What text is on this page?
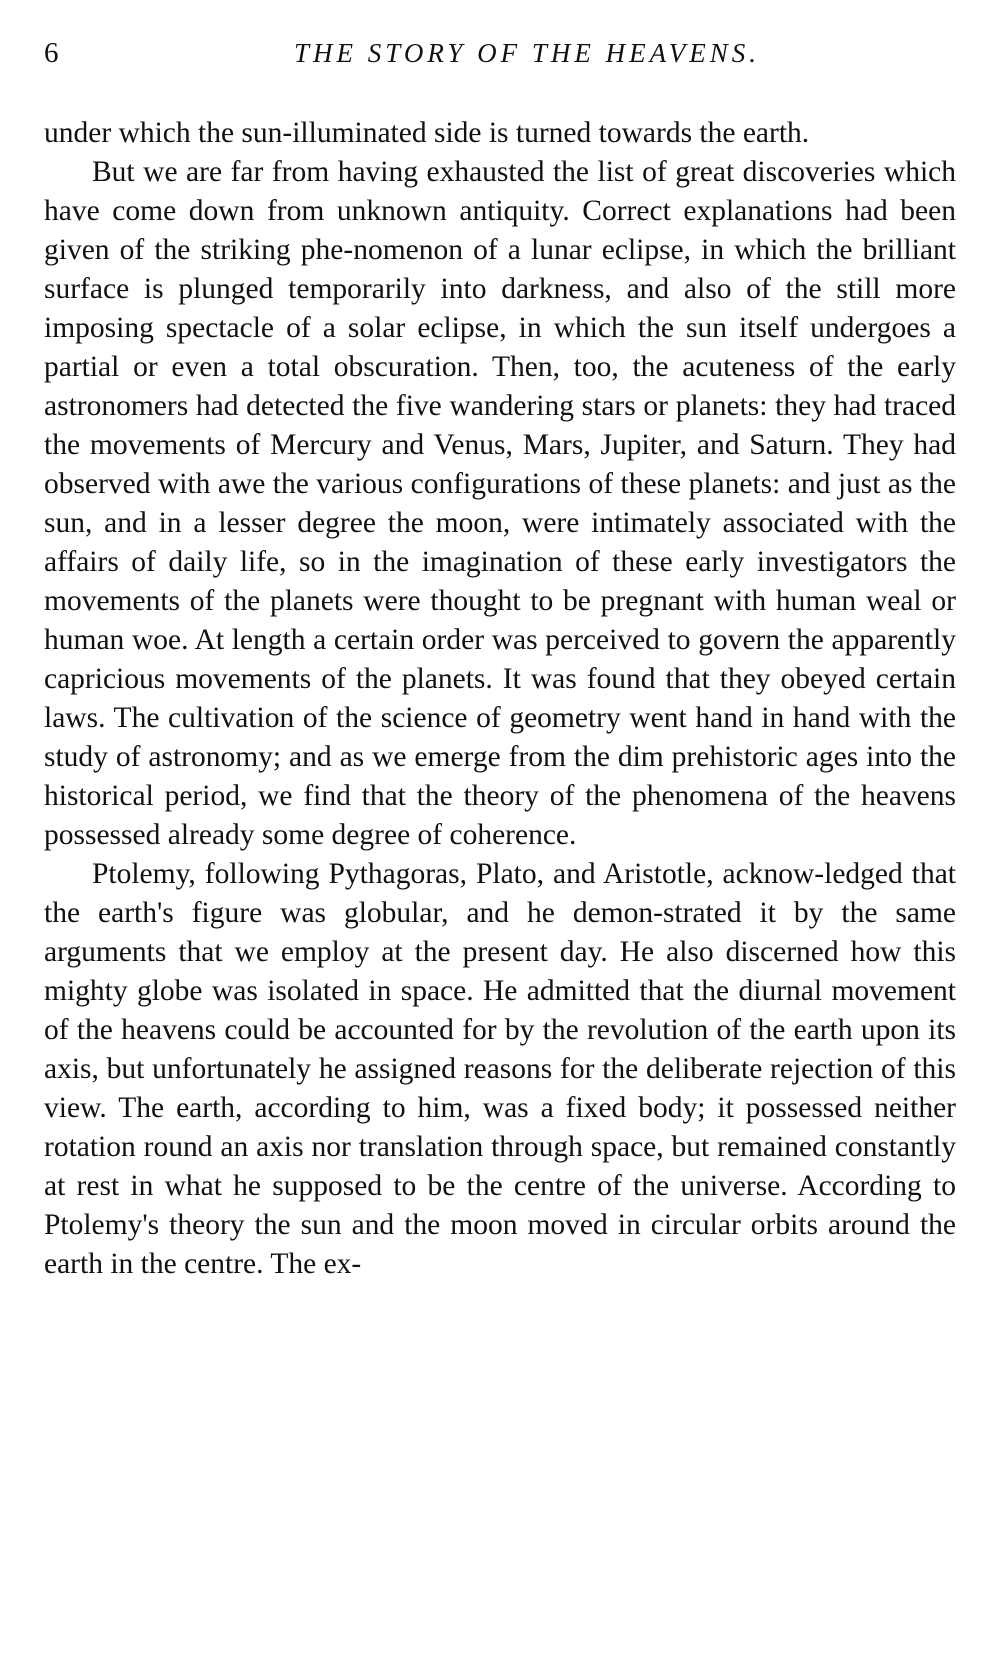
6	THE STORY OF THE HEAVENS.

under which the sun-illuminated side is turned towards the earth.

But we are far from having exhausted the list of great discoveries which have come down from unknown antiquity. Correct explanations had been given of the striking phe-nomenon of a lunar eclipse, in which the brilliant surface is plunged temporarily into darkness, and also of the still more imposing spectacle of a solar eclipse, in which the sun itself undergoes a partial or even a total obscuration. Then, too, the acuteness of the early astronomers had detected the five wandering stars or planets: they had traced the movements of Mercury and Venus, Mars, Jupiter, and Saturn. They had observed with awe the various configurations of these planets: and just as the sun, and in a lesser degree the moon, were intimately associated with the affairs of daily life, so in the imagination of these early investigators the movements of the planets were thought to be pregnant with human weal or human woe. At length a certain order was perceived to govern the apparently capricious movements of the planets. It was found that they obeyed certain laws. The cultivation of the science of geometry went hand in hand with the study of astronomy; and as we emerge from the dim prehistoric ages into the historical period, we find that the theory of the phenomena of the heavens possessed already some degree of coherence.

Ptolemy, following Pythagoras, Plato, and Aristotle, acknow-ledged that the earth's figure was globular, and he demon-strated it by the same arguments that we employ at the present day. He also discerned how this mighty globe was isolated in space. He admitted that the diurnal movement of the heavens could be accounted for by the revolution of the earth upon its axis, but unfortunately he assigned reasons for the deliberate rejection of this view. The earth, according to him, was a fixed body; it possessed neither rotation round an axis nor translation through space, but remained constantly at rest in what he supposed to be the centre of the universe. According to Ptolemy's theory the sun and the moon moved in circular orbits around the earth in the centre. The ex-
